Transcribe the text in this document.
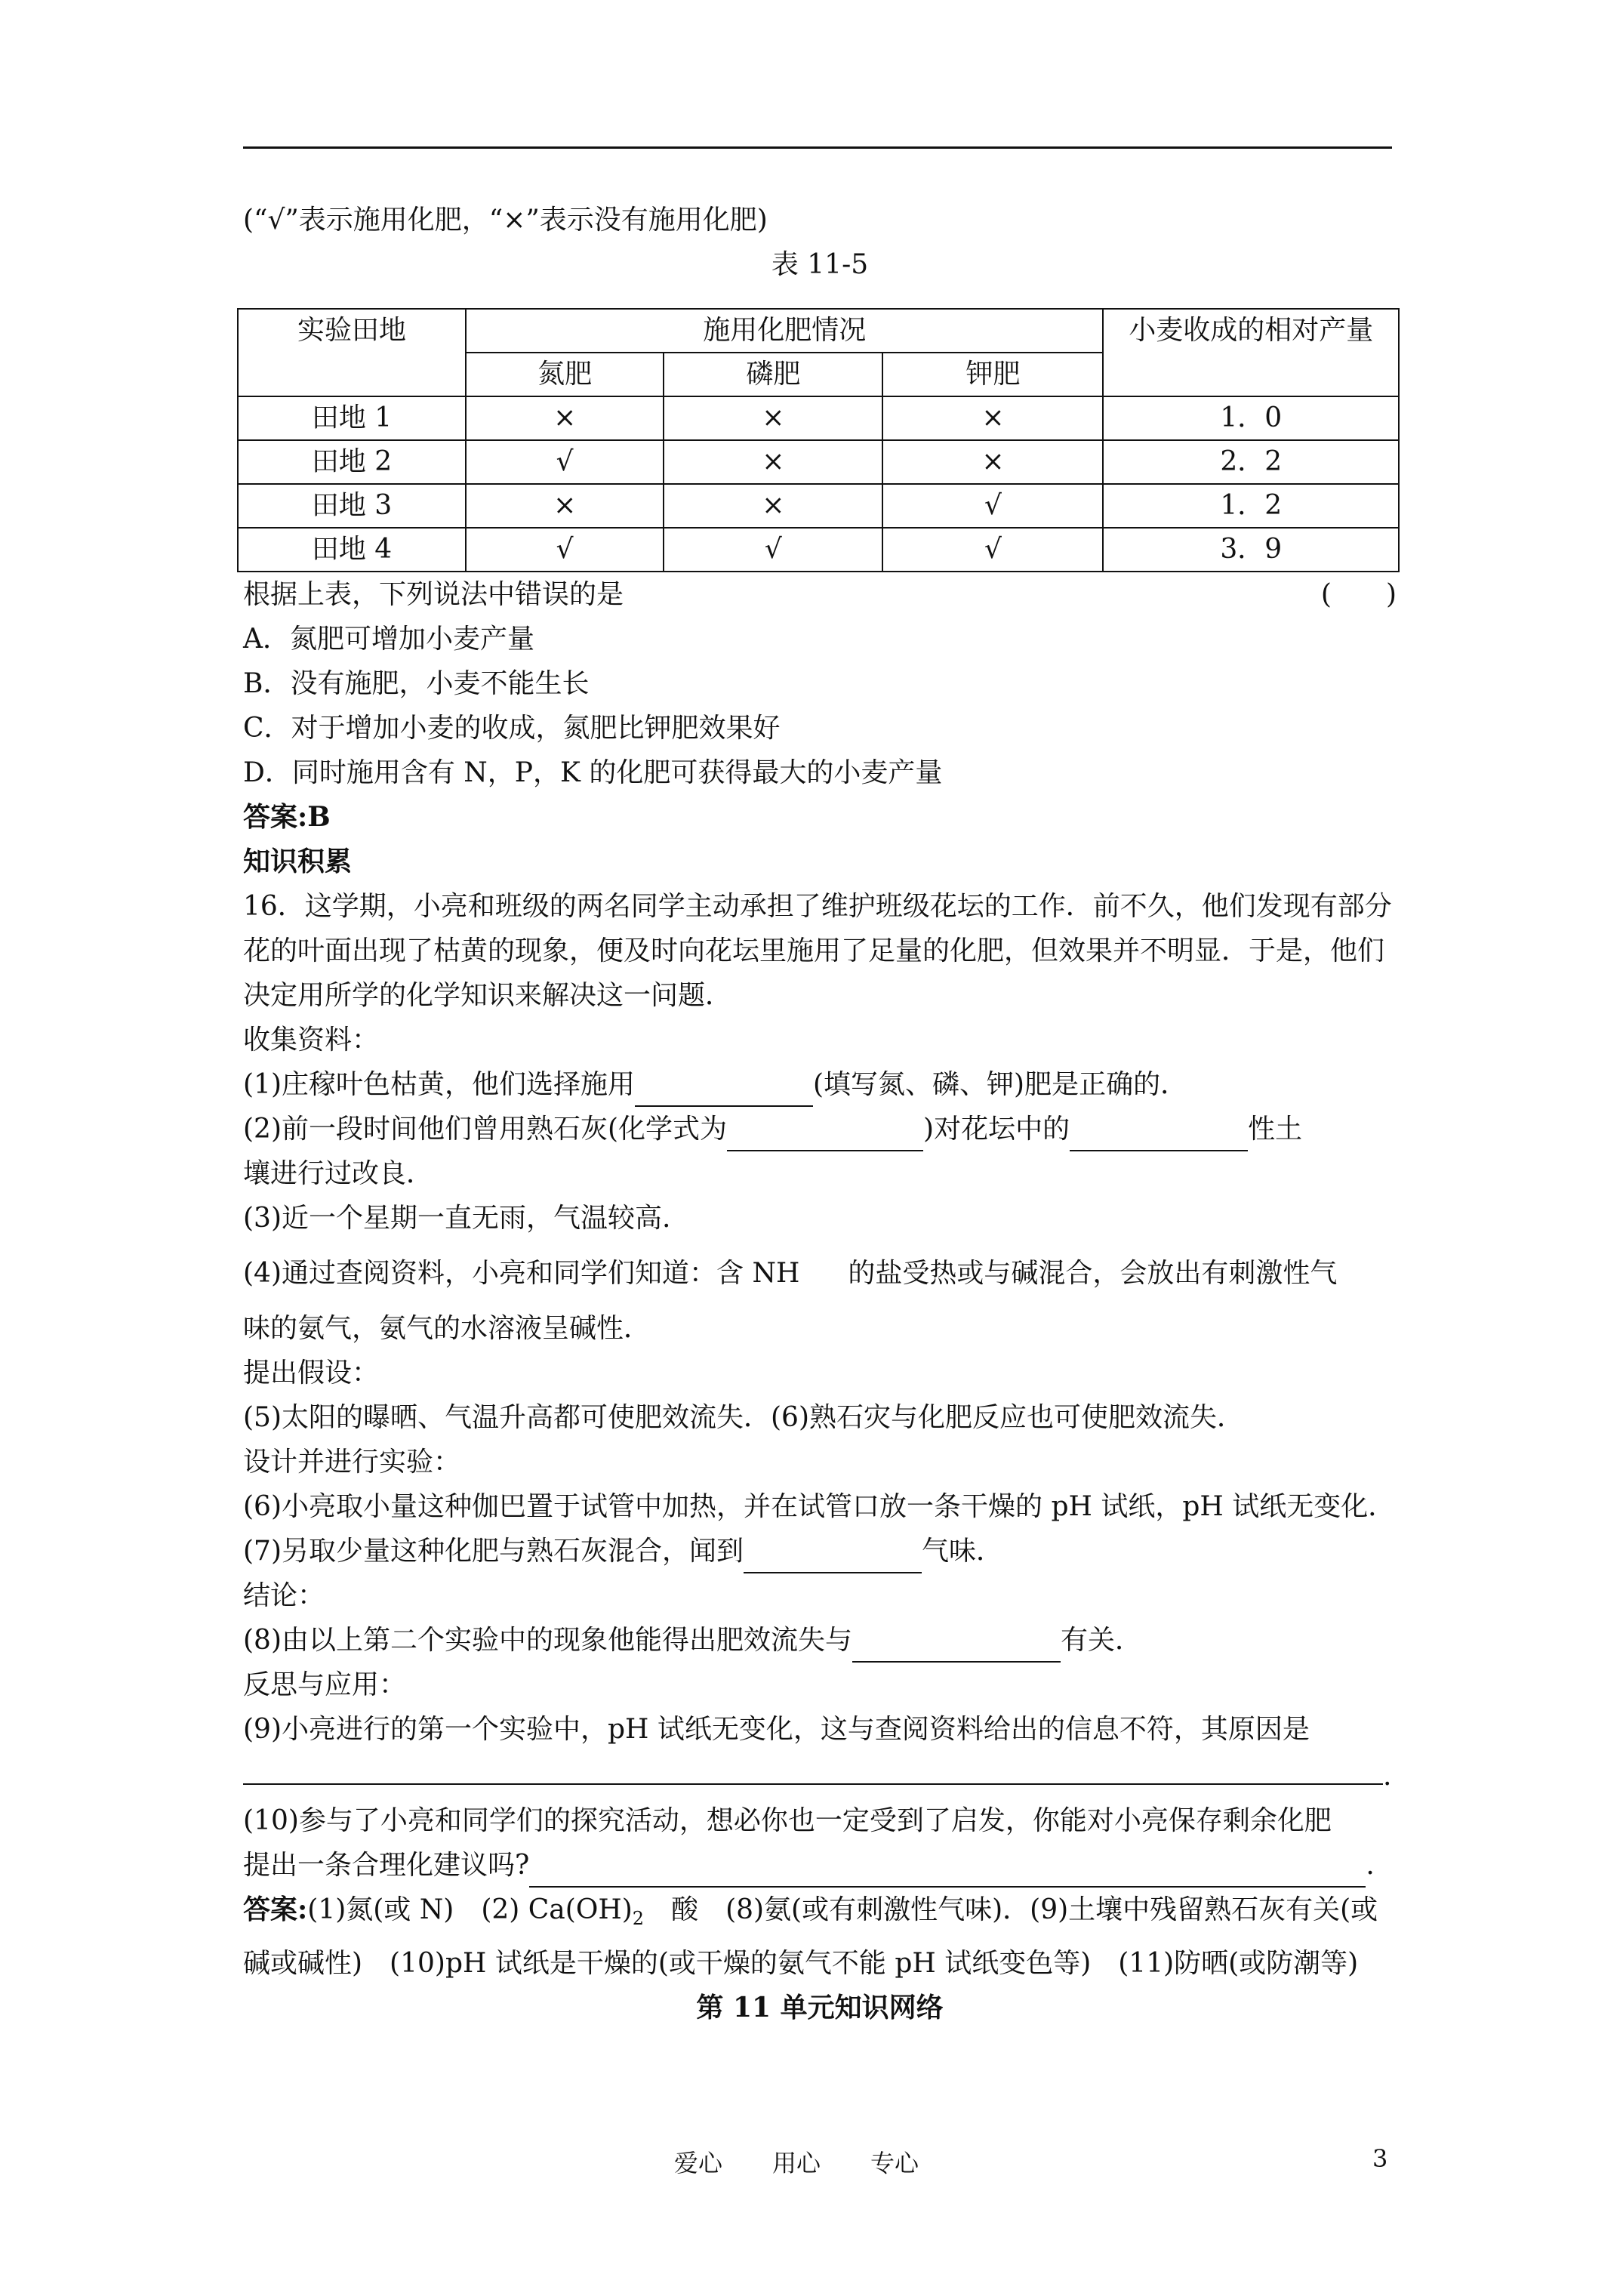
(“√”表示施用化肥，“×”表示没有施用化肥)
表 11-5
实验田地	施用化肥情况			小麦收成的相对产量
	氮肥	磷肥	钾肥	
田地 1	×	×	×	1．0
田地 2	√	×	×	2．2
田地 3	×	×	√	1．2
田地 4	√	√	√	3．9
根据上表，下列说法中错误的是	(　　)
A．氮肥可增加小麦产量
B．没有施肥，小麦不能生长
C．对于增加小麦的收成，氮肥比钾肥效果好
D．同时施用含有 N，P，K 的化肥可获得最大的小麦产量
答案:B
知识积累
16．这学期，小亮和班级的两名同学主动承担了维护班级花坛的工作．前不久，他们发现有部分花的叶面出现了枯黄的现象，便及时向花坛里施用了足量的化肥，但效果并不明显．于是，他们决定用所学的化学知识来解决这一问题．
收集资料：
(1)庄稼叶色枯黄，他们选择施用	(填写氮、磷、钾)肥是正确的．
(2)前一段时间他们曾用熟石灰(化学式为	)对花坛中的	性土
壤进行过改良．
(3)近一个星期一直无雨，气温较高.
(4)通过查阅资料，小亮和同学们知道：含 NH 的盐受热或与碱混合，会放出有刺激性气
味的氨气，氨气的水溶液呈碱性．
提出假设：
(5)太阳的曝晒、气温升高都可使肥效流失．(6)熟石灾与化肥反应也可使肥效流失．
设计并进行实验：
(6)小亮取小量这种伽巴置于试管中加热，并在试管口放一条干燥的 pH 试纸，pH 试纸无变化．
(7)另取少量这种化肥与熟石灰混合，闻到	气味．
结论：
(8)由以上第二个实验中的现象他能得出肥效流失与	有关．
反思与应用：
(9)小亮进行的第一个实验中，pH 试纸无变化，这与查阅资料给出的信息不符，其原因是
.
(10)参与了小亮和同学们的探究活动，想必你也一定受到了启发，你能对小亮保存剩余化肥
提出一条合理化建议吗?	.
答案:(1)氮(或 N)　(2) $Ca(OH)_2$　酸　(8)氨(或有刺激性气味)．(9)土壤中残留熟石灰有关(或碱或碱性)　(10)pH 试纸是干燥的(或干燥的氨气不能 pH 试纸变色等)　(11)防晒(或防潮等)
第 11 单元知识网络
爱心 用心 专心	3
